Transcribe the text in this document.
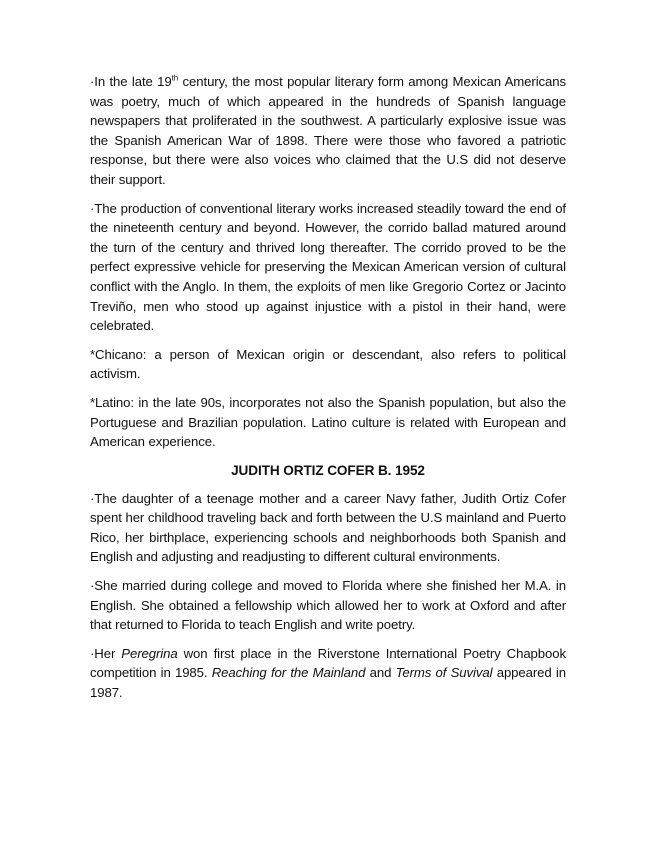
·In the late 19th century, the most popular literary form among Mexican Americans was poetry, much of which appeared in the hundreds of Spanish language newspapers that proliferated in the southwest. A particularly explosive issue was the Spanish American War of 1898. There were those who favored a patriotic response, but there were also voices who claimed that the U.S did not deserve their support.

·The production of conventional literary works increased steadily toward the end of the nineteenth century and beyond. However, the corrido ballad matured around the turn of the century and thrived long thereafter. The corrido proved to be the perfect expressive vehicle for preserving the Mexican American version of cultural conflict with the Anglo. In them, the exploits of men like Gregorio Cortez or Jacinto Treviño, men who stood up against injustice with a pistol in their hand, were celebrated.

*Chicano: a person of Mexican origin or descendant, also refers to political activism.

*Latino: in the late 90s, incorporates not also the Spanish population, but also the Portuguese and Brazilian population. Latino culture is related with European and American experience.

JUDITH ORTIZ COFER B. 1952

·The daughter of a teenage mother and a career Navy father, Judith Ortiz Cofer spent her childhood traveling back and forth between the U.S mainland and Puerto Rico, her birthplace, experiencing schools and neighborhoods both Spanish and English and adjusting and readjusting to different cultural environments.

·She married during college and moved to Florida where she finished her M.A. in English. She obtained a fellowship which allowed her to work at Oxford and after that returned to Florida to teach English and write poetry.

·Her Peregrina won first place in the Riverstone International Poetry Chapbook competition in 1985. Reaching for the Mainland and Terms of Suvival appeared in 1987.
